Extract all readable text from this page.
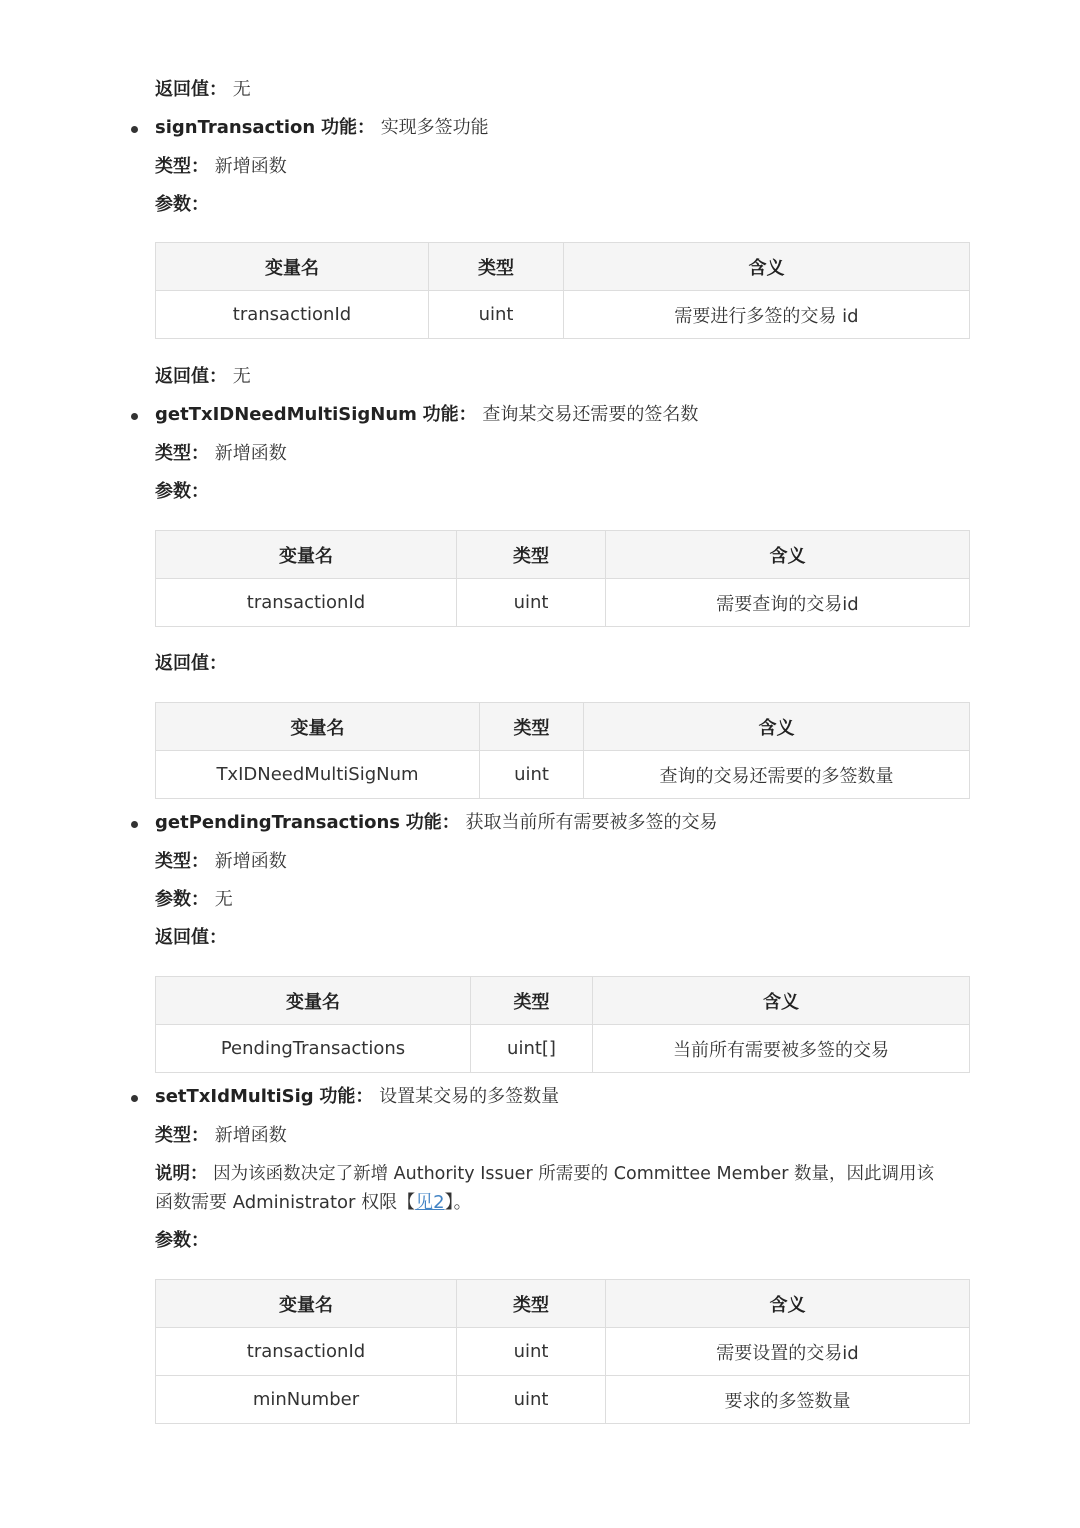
返回值： 无
signTransaction 功能： 实现多签功能
类型： 新增函数
参数：
变量名	类型	含义
transactionId	uint	需要进行多签的交易 id
返回值： 无
getTxIDNeedMultiSigNum 功能： 查询某交易还需要的签名数
类型： 新增函数
参数：
变量名	类型	含义
transactionId	uint	需要查询的交易id
返回值：
变量名	类型	含义
TxIDNeedMultiSigNum	uint	查询的交易还需要的多签数量
getPendingTransactions 功能： 获取当前所有需要被多签的交易
类型： 新增函数
参数： 无
返回值：
变量名	类型	含义
PendingTransactions	uint[]	当前所有需要被多签的交易
setTxIdMultiSig 功能： 设置某交易的多签数量
类型： 新增函数
说明： 因为该函数决定了新增 Authority Issuer 所需要的 Committee Member 数量，因此调用该
函数需要 Administrator 权限【见2】。
参数：
变量名	类型	含义
transactionId	uint	需要设置的交易id
minNumber	uint	要求的多签数量
